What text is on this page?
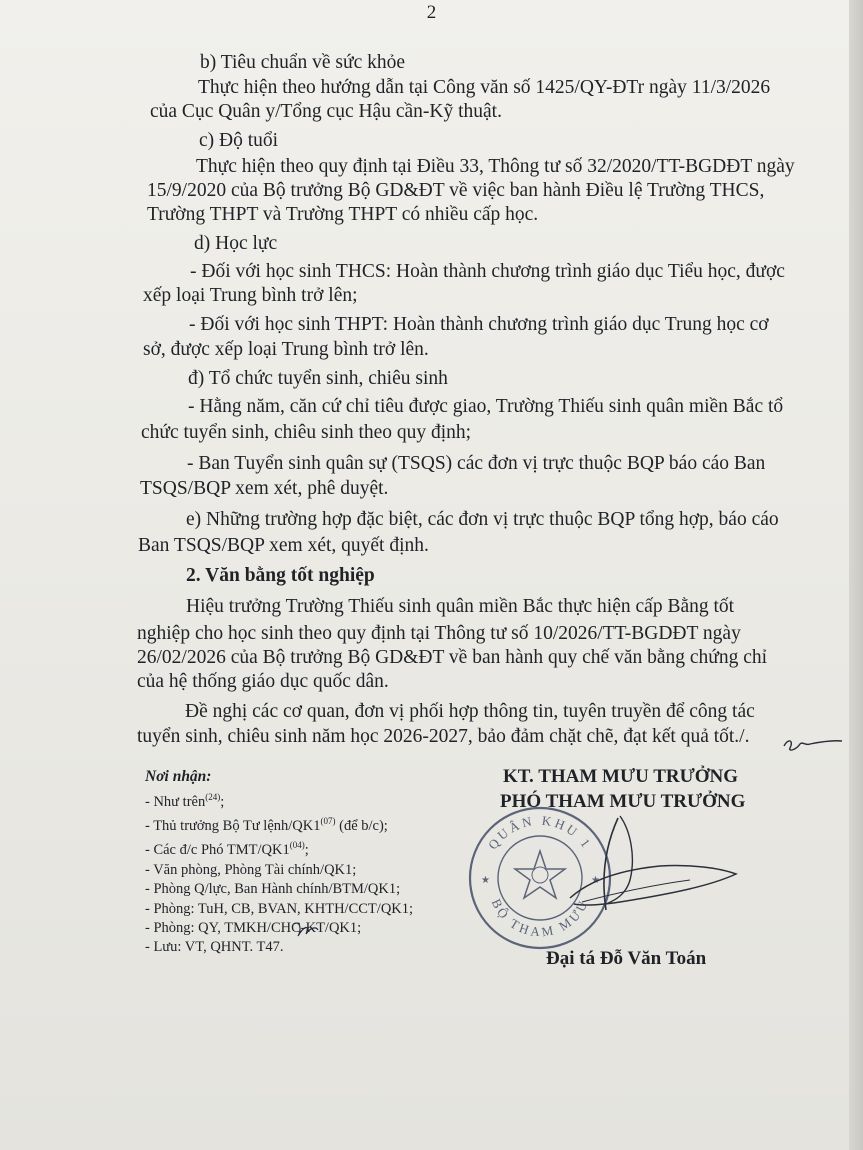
2
b) Tiêu chuẩn về sức khỏe
Thực hiện theo hướng dẫn tại Công văn số 1425/QY-ĐTr ngày 11/3/2026
của Cục Quân y/Tổng cục Hậu cần-Kỹ thuật.
c) Độ tuổi
Thực hiện theo quy định tại Điều 33, Thông tư số 32/2020/TT-BGDĐT ngày
15/9/2020 của Bộ trưởng Bộ GD&ĐT về việc ban hành Điều lệ Trường THCS,
Trường THPT và Trường THPT có nhiều cấp học.
d) Học lực
- Đối với học sinh THCS: Hoàn thành chương trình giáo dục Tiểu học, được
xếp loại Trung bình trở lên;
- Đối với học sinh THPT: Hoàn thành chương trình giáo dục Trung học cơ
sở, được xếp loại Trung bình trở lên.
đ) Tổ chức tuyển sinh, chiêu sinh
- Hằng năm, căn cứ chỉ tiêu được giao, Trường Thiếu sinh quân miền Bắc tổ
chức tuyển sinh, chiêu sinh theo quy định;
- Ban Tuyển sinh quân sự (TSQS) các đơn vị trực thuộc BQP báo cáo Ban
TSQS/BQP xem xét, phê duyệt.
e) Những trường hợp đặc biệt, các đơn vị trực thuộc BQP tổng hợp, báo cáo
Ban TSQS/BQP xem xét, quyết định.
2. Văn bằng tốt nghiệp
Hiệu trưởng Trường Thiếu sinh quân miền Bắc thực hiện cấp Bằng tốt
nghiệp cho học sinh theo quy định tại Thông tư số 10/2026/TT-BGDĐT ngày
26/02/2026 của Bộ trưởng Bộ GD&ĐT về ban hành quy chế văn bằng chứng chỉ
của hệ thống giáo dục quốc dân.
Đề nghị các cơ quan, đơn vị phối hợp thông tin, tuyên truyền để công tác
tuyển sinh, chiêu sinh năm học 2026-2027, bảo đảm chặt chẽ, đạt kết quả tốt./.
Nơi nhận:
- Như trên$^{(24)}$;
- Thủ trưởng Bộ Tư lệnh/QK1$^{(07)}$ (để b/c);
- Các đ/c Phó TMT/QK1$^{(04)}$;
- Văn phòng, Phòng Tài chính/QK1;
- Phòng Q/lực, Ban Hành chính/BTM/QK1;
- Phòng: TuH, CB, BVAN, KHTH/CCT/QK1;
- Phòng: QY, TMKH/CHC-KT/QK1;
- Lưu: VT, QHNT. T47.
KT. THAM MƯU TRƯỞNG
PHÓ THAM MƯU TRƯỞNG
QUÂN KHU 1
BỘ THAM MƯU
★	★
Đại tá Đỗ Văn Toán
